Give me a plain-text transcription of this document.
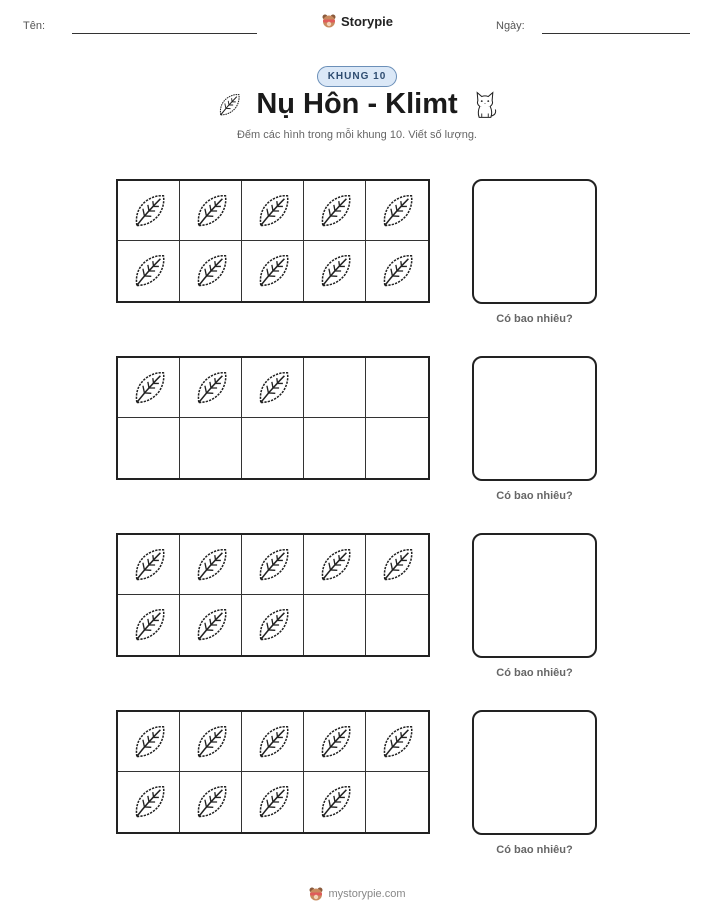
Tên:	Storypie	Ngày:
KHUNG 10
Nụ Hôn - Klimt
Đếm các hình trong mỗi khung 10. Viết số lượng.
Có bao nhiêu?
Có bao nhiêu?
Có bao nhiêu?
Có bao nhiêu?
mystorypie.com
